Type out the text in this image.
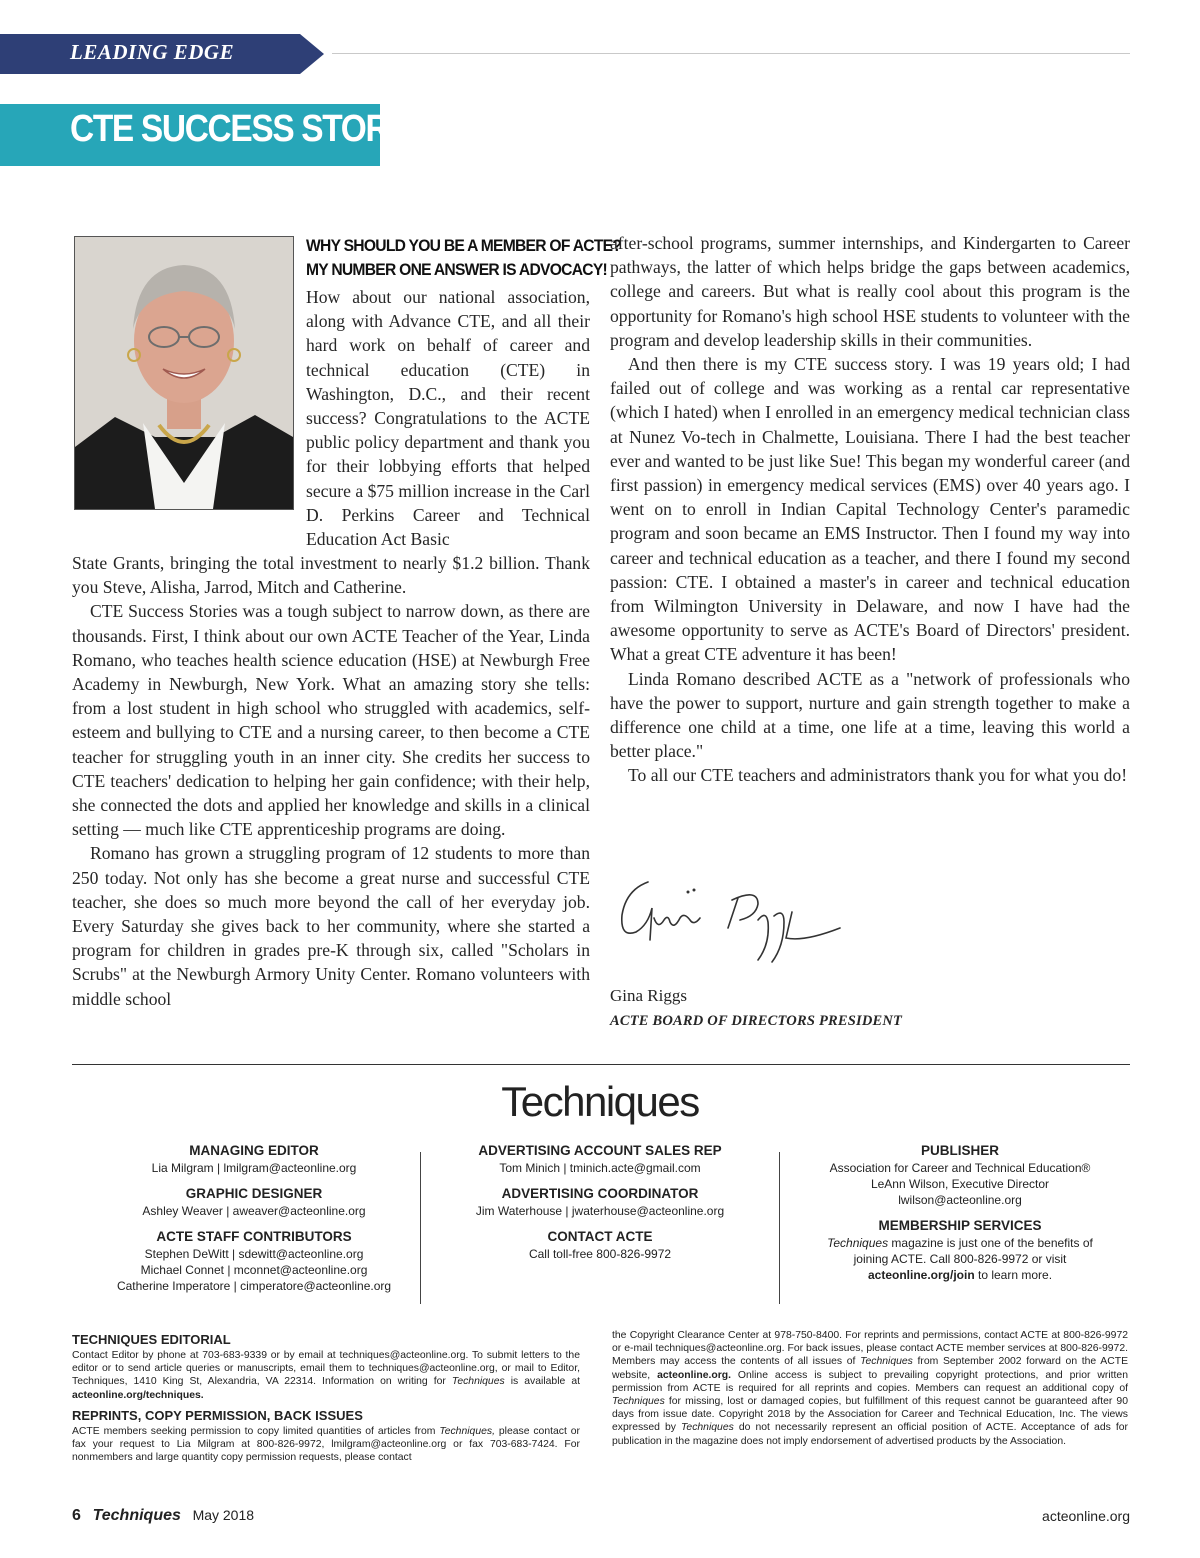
LEADING EDGE
CTE SUCCESS STORIES
WHY SHOULD YOU BE A MEMBER OF ACTE?
MY NUMBER ONE ANSWER IS ADVOCACY!

How about our national association, along with Advance CTE, and all their hard work on behalf of career and technical education (CTE) in Washington, D.C., and their recent success? Congratulations to the ACTE public policy department and thank you for their lobbying efforts that helped secure a $75 million increase in the Carl D. Perkins Career and Technical Education Act Basic

State Grants, bringing the total investment to nearly $1.2 billion. Thank you Steve, Alisha, Jarrod, Mitch and Catherine.

CTE Success Stories was a tough subject to narrow down, as there are thousands. First, I think about our own ACTE Teacher of the Year, Linda Romano, who teaches health science education (HSE) at Newburgh Free Academy in Newburgh, New York. What an amazing story she tells: from a lost student in high school who struggled with academics, self-esteem and bullying to CTE and a nursing career, to then become a CTE teacher for struggling youth in an inner city. She credits her success to CTE teachers' dedication to helping her gain confidence; with their help, she connected the dots and applied her knowledge and skills in a clinical setting — much like CTE apprenticeship programs are doing.

Romano has grown a struggling program of 12 students to more than 250 today. Not only has she become a great nurse and successful CTE teacher, she does so much more beyond the call of her everyday job. Every Saturday she gives back to her community, where she started a program for children in grades pre-K through six, called "Scholars in Scrubs" at the Newburgh Armory Unity Center. Romano volunteers with middle school

after-school programs, summer internships, and Kindergarten to Career pathways, the latter of which helps bridge the gaps between academics, college and careers. But what is really cool about this program is the opportunity for Romano's high school HSE students to volunteer with the program and develop leadership skills in their communities.

And then there is my CTE success story. I was 19 years old; I had failed out of college and was working as a rental car representative (which I hated) when I enrolled in an emergency medical technician class at Nunez Vo-tech in Chalmette, Louisiana. There I had the best teacher ever and wanted to be just like Sue! This began my wonderful career (and first passion) in emergency medical services (EMS) over 40 years ago. I went on to enroll in Indian Capital Technology Center's paramedic program and soon became an EMS Instructor. Then I found my way into career and technical education as a teacher, and there I found my second passion: CTE. I obtained a master's in career and technical education from Wilmington University in Delaware, and now I have had the awesome opportunity to serve as ACTE's Board of Directors' president. What a great CTE adventure it has been!

Linda Romano described ACTE as a "network of professionals who have the power to support, nurture and gain strength together to make a difference one child at a time, one life at a time, leaving this world a better place."

To all our CTE teachers and administrators thank you for what you do!

Gina Riggs
ACTE BOARD OF DIRECTORS PRESIDENT
Techniques
MANAGING EDITOR
Lia Milgram | lmilgram@acteonline.org
GRAPHIC DESIGNER
Ashley Weaver | aweaver@acteonline.org
ACTE STAFF CONTRIBUTORS
Stephen DeWitt | sdewitt@acteonline.org
Michael Connet | mconnet@acteonline.org
Catherine Imperatore | cimperatore@acteonline.org
ADVERTISING ACCOUNT SALES REP
Tom Minich | tminich.acte@gmail.com
ADVERTISING COORDINATOR
Jim Waterhouse | jwaterhouse@acteonline.org
CONTACT ACTE
Call toll-free 800-826-9972
PUBLISHER
Association for Career and Technical Education®
LeAnn Wilson, Executive Director
lwilson@acteonline.org
MEMBERSHIP SERVICES
Techniques magazine is just one of the benefits of joining ACTE. Call 800-826-9972 or visit acteonline.org/join to learn more.
TECHNIQUES EDITORIAL
Contact Editor by phone at 703-683-9339 or by email at techniques@acteonline.org. To submit letters to the editor or to send article queries or manuscripts, email them to techniques@acteonline.org, or mail to Editor, Techniques, 1410 King St, Alexandria, VA 22314. Information on writing for Techniques is available at acteonline.org/techniques.
REPRINTS, COPY PERMISSION, BACK ISSUES
ACTE members seeking permission to copy limited quantities of articles from Techniques, please contact or fax your request to Lia Milgram at 800-826-9972, lmilgram@acteonline.org or fax 703-683-7424. For nonmembers and large quantity copy permission requests, please contact
the Copyright Clearance Center at 978-750-8400. For reprints and permissions, contact ACTE at 800-826-9972 or e-mail techniques@acteonline.org. For back issues, please contact ACTE member services at 800-826-9972. Members may access the contents of all issues of Techniques from September 2002 forward on the ACTE website, acteonline.org. Online access is subject to prevailing copyright protections, and prior written permission from ACTE is required for all reprints and copies. Members can request an additional copy of Techniques for missing, lost or damaged copies, but fulfillment of this request cannot be guaranteed after 90 days from issue date. Copyright 2018 by the Association for Career and Technical Education, Inc. The views expressed by Techniques do not necessarily represent an official position of ACTE. Acceptance of ads for publication in the magazine does not imply endorsement of advertised products by the Association.
6 Techniques May 2018	acteonline.org
